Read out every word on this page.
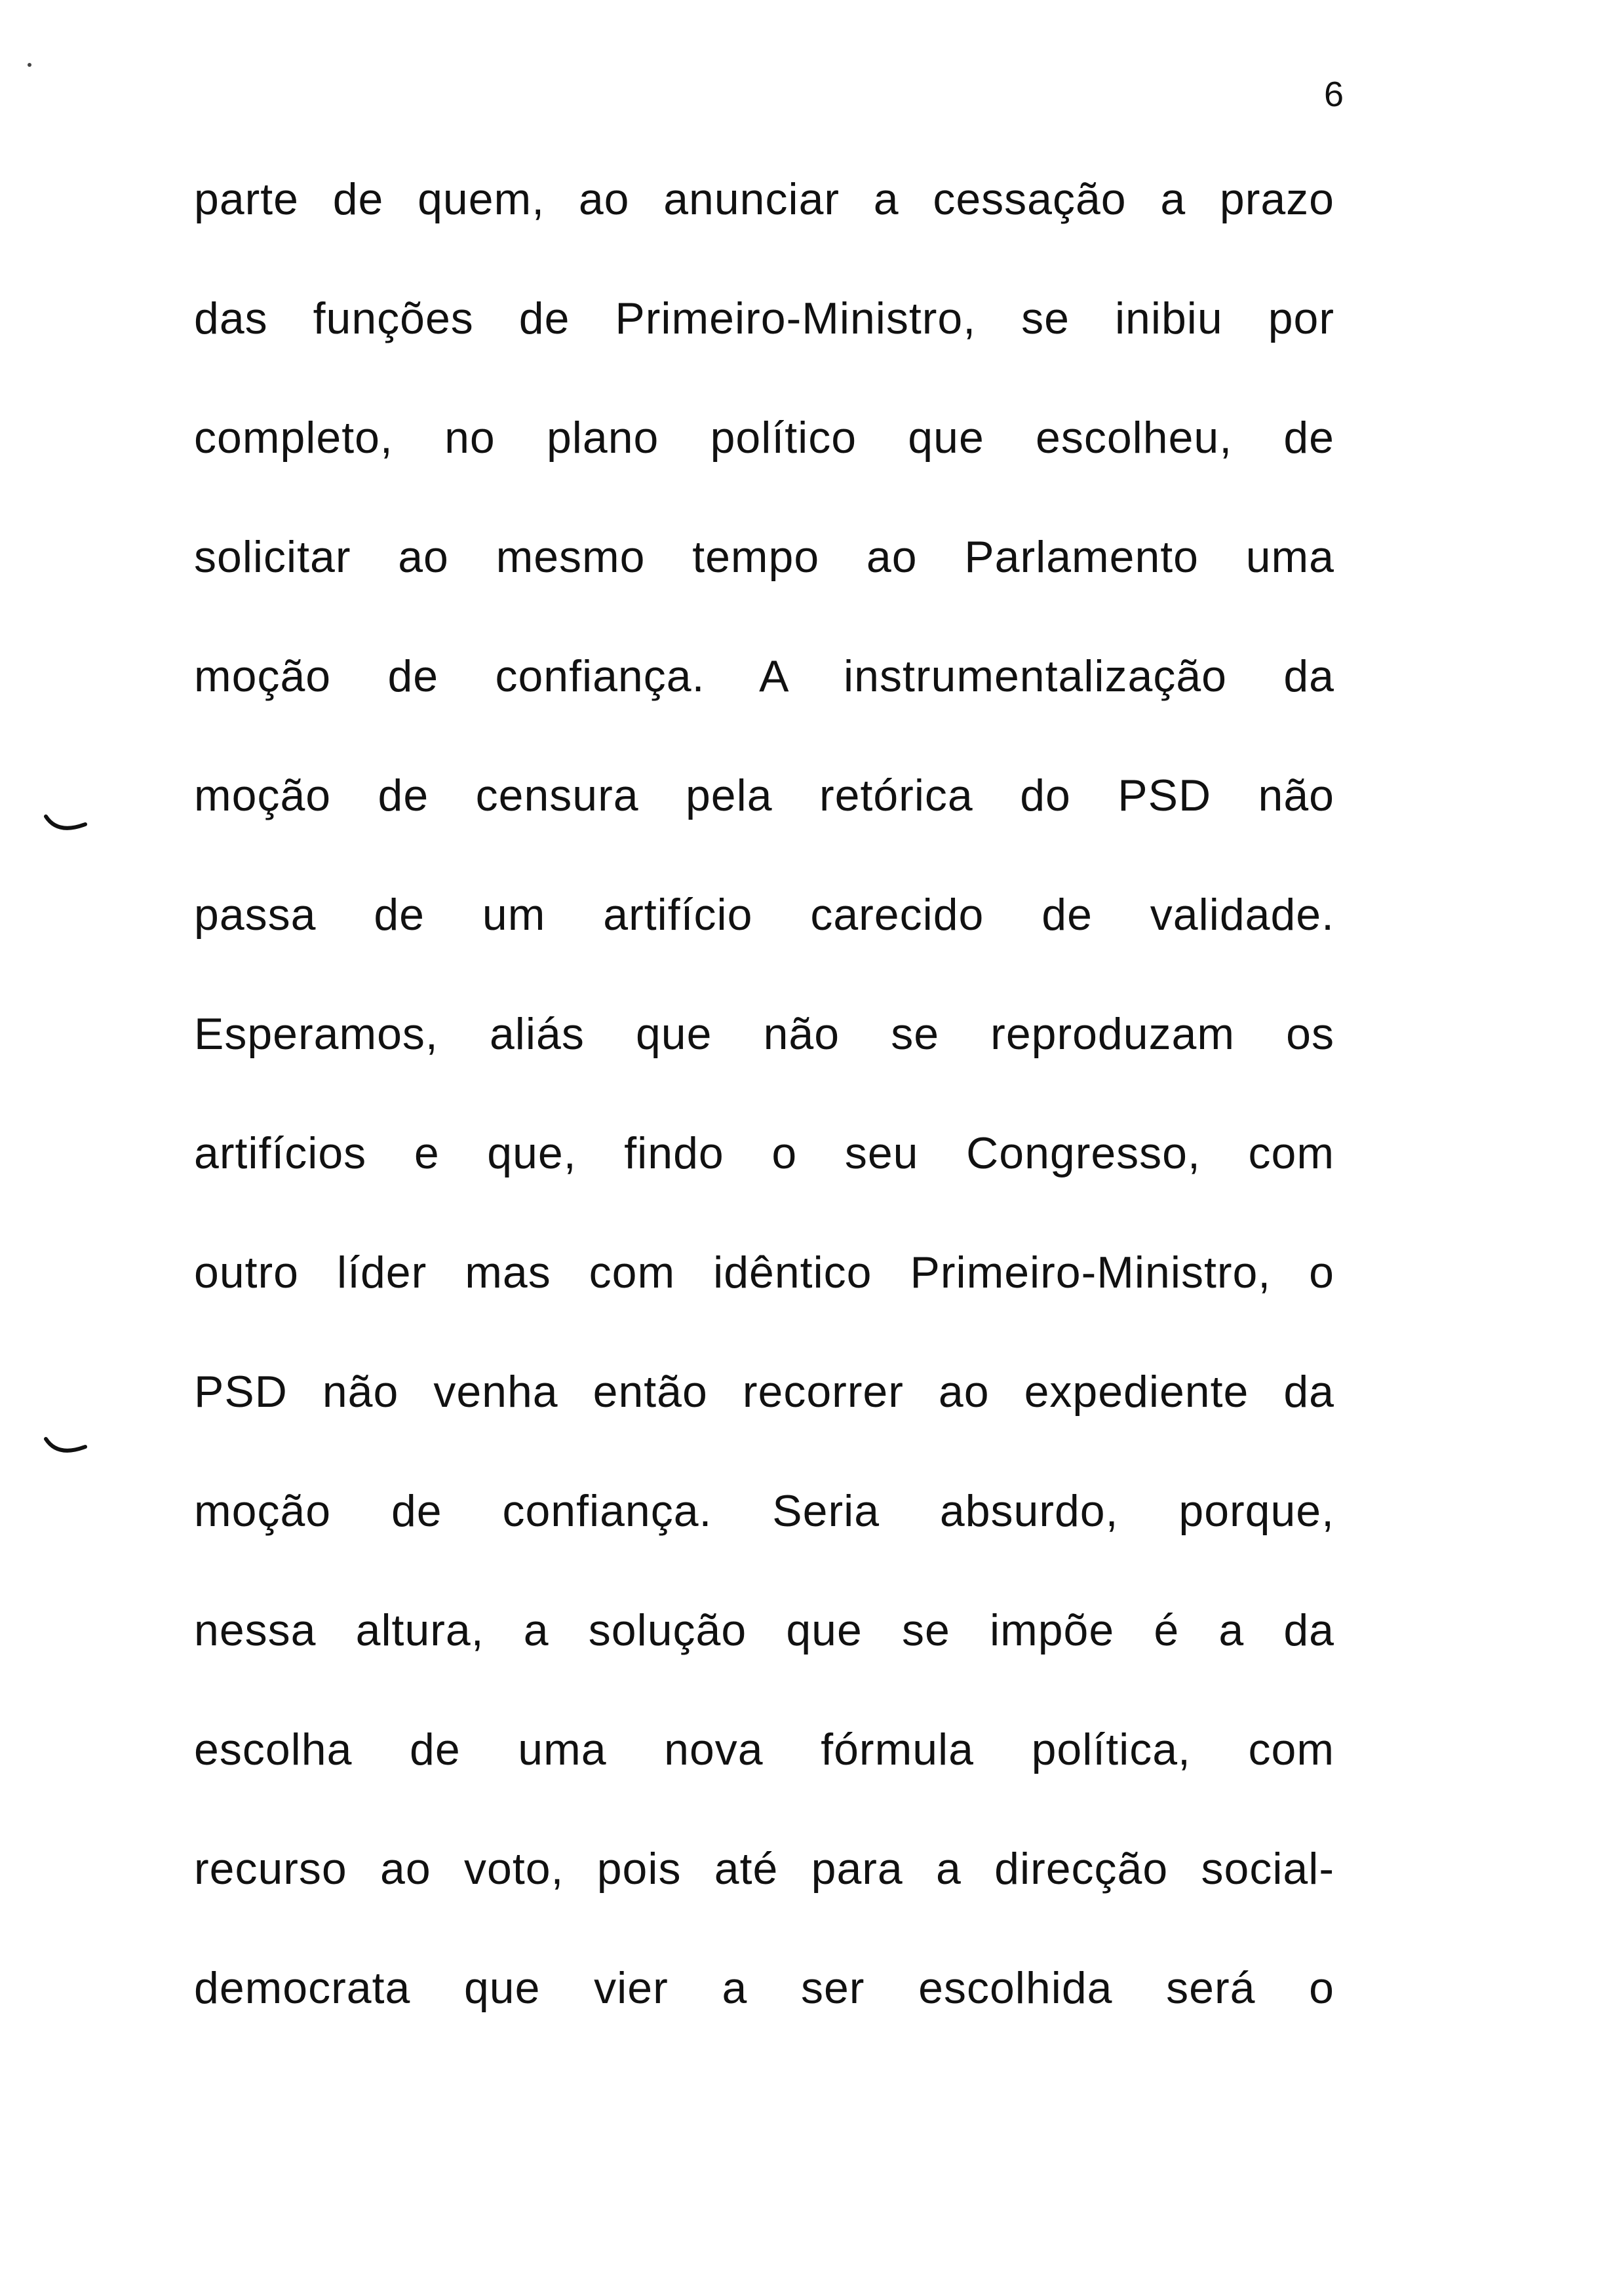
6
parte de quem, ao anunciar a cessação a prazo
das funções de Primeiro-Ministro, se inibiu por
completo, no plano político que escolheu, de
solicitar ao mesmo tempo ao Parlamento uma
moção de confiança. A instrumentalização da
moção de censura pela retórica do PSD não
passa de um artifício carecido de validade.
Esperamos, aliás que não se reproduzam os
artifícios e que, findo o seu Congresso, com
outro líder mas com idêntico Primeiro-Ministro, o
PSD não venha então recorrer ao expediente da
moção de confiança. Seria absurdo, porque,
nessa altura, a solução que se impõe é a da
escolha de uma nova fórmula política, com
recurso ao voto, pois até para a direcção social-
democrata que vier a ser escolhida será o
